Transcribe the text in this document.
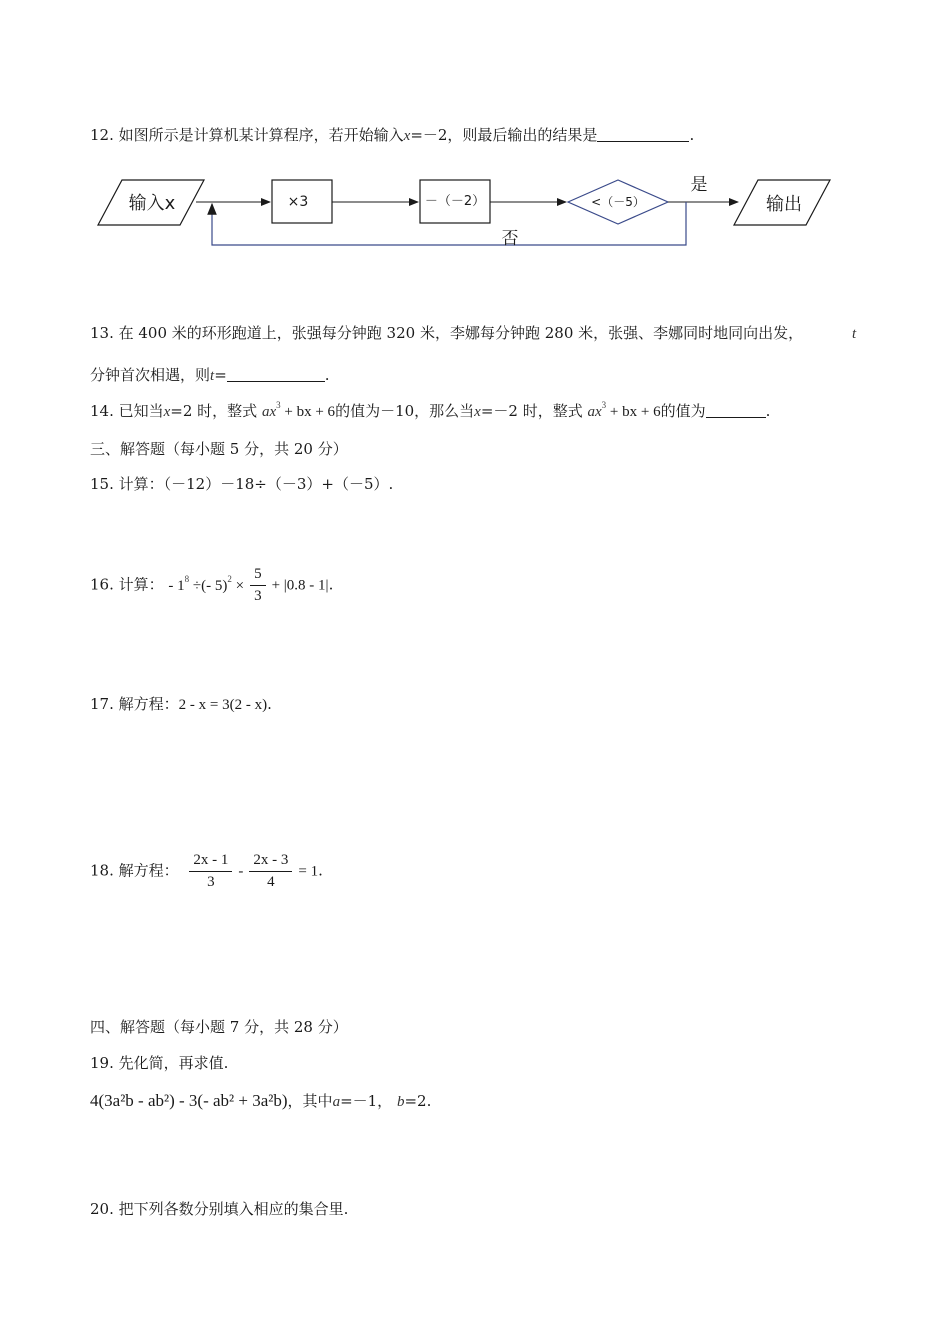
12. 如图所示是计算机某计算程序，若开始输入x=－2，则最后输出的结果是	.
输入x	×3	－（－2）	<（－5）
是
输出
否
13. 在 400 米的环形跑道上，张强每分钟跑 320 米，李娜每分钟跑 280 米，张强、李娜同时地同向出发，	t
分钟首次相遇，则t=	.
14. 已知当x=2 时，整式 $ax^3$ + bx + 6的值为－10，那么当x=－2 时，整式 $ax^3$ + bx + 6的值为	.
三、解答题（每小题 5 分，共 20 分）
15. 计算：（－12）－18÷（－3）+（－5）.
16. 计算： - $1^8$ ÷(- $5)^2 \times \frac{5}{3} + |0.8 - 1|$.
17. 解方程：2 - x = 3(2 - x).
18. 解方程： $\frac{2x - 1}{3} - \frac{2x - 3}{4} = 1$.
四、解答题（每小题 7 分，共 28 分）
19. 先化简，再求值.
4(3a²b - ab²) - 3(- ab² + 3a²b)，其中a=－1， b=2.
20. 把下列各数分别填入相应的集合里.
